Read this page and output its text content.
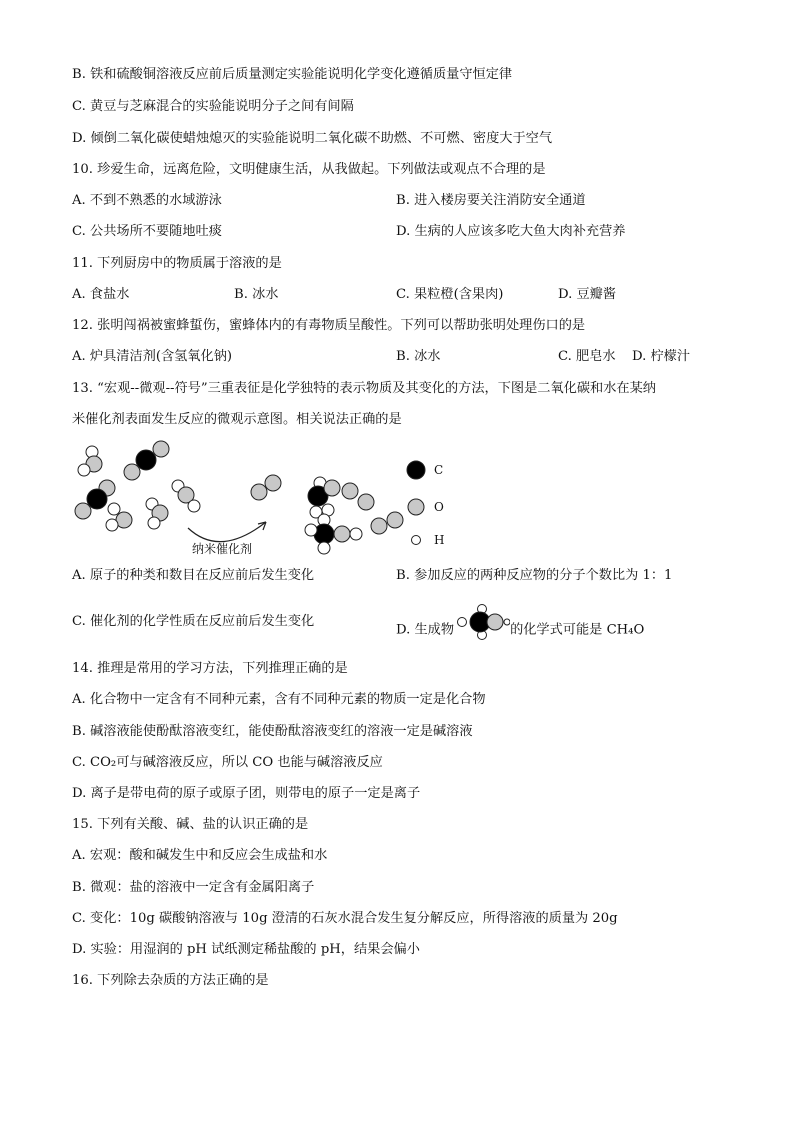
B. 铁和硫酸铜溶液反应前后质量测定实验能说明化学变化遵循质量守恒定律
C. 黄豆与芝麻混合的实验能说明分子之间有间隔
D. 倾倒二氧化碳使蜡烛熄灭的实验能说明二氧化碳不助燃、不可燃、密度大于空气
10. 珍爱生命，远离危险，文明健康生活，从我做起。下列做法或观点不合理的是
A. 不到不熟悉的水域游泳	B. 进入楼房要关注消防安全通道
C. 公共场所不要随地吐痰	D. 生病的人应该多吃大鱼大肉补充营养
11. 下列厨房中的物质属于溶液的是
A. 食盐水	B. 冰水	C. 果粒橙(含果肉)	D. 豆瓣酱
12. 张明闯祸被蜜蜂蜇伤，蜜蜂体内的有毒物质呈酸性。下列可以帮助张明处理伤口的是
A. 炉具清洁剂(含氢氧化钠)	B. 冰水	C. 肥皂水 D. 柠檬汁
13. “宏观--微观--符号”三重表征是化学独特的表示物质及其变化的方法，下图是二氧化碳和水在某纳
米催化剂表面发生反应的微观示意图。相关说法正确的是
C
O
H
纳米催化剂
A. 原子的种类和数目在反应前后发生变化	B. 参加反应的两种反应物的分子个数比为 1：1
C. 催化剂的化学性质在反应前后发生变化
D. 生成物	的化学式可能是 CH₄O
14. 推理是常用的学习方法，下列推理正确的是
A. 化合物中一定含有不同种元素，含有不同种元素的物质一定是化合物
B. 碱溶液能使酚酞溶液变红，能使酚酞溶液变红的溶液一定是碱溶液
C. CO₂可与碱溶液反应，所以 CO 也能与碱溶液反应
D. 离子是带电荷的原子或原子团，则带电的原子一定是离子
15. 下列有关酸、碱、盐的认识正确的是
A. 宏观：酸和碱发生中和反应会生成盐和水
B. 微观：盐的溶液中一定含有金属阳离子
C. 变化：10g 碳酸钠溶液与 10g 澄清的石灰水混合发生复分解反应，所得溶液的质量为 20g
D. 实验：用湿润的 pH 试纸测定稀盐酸的 pH，结果会偏小
16. 下列除去杂质的方法正确的是
